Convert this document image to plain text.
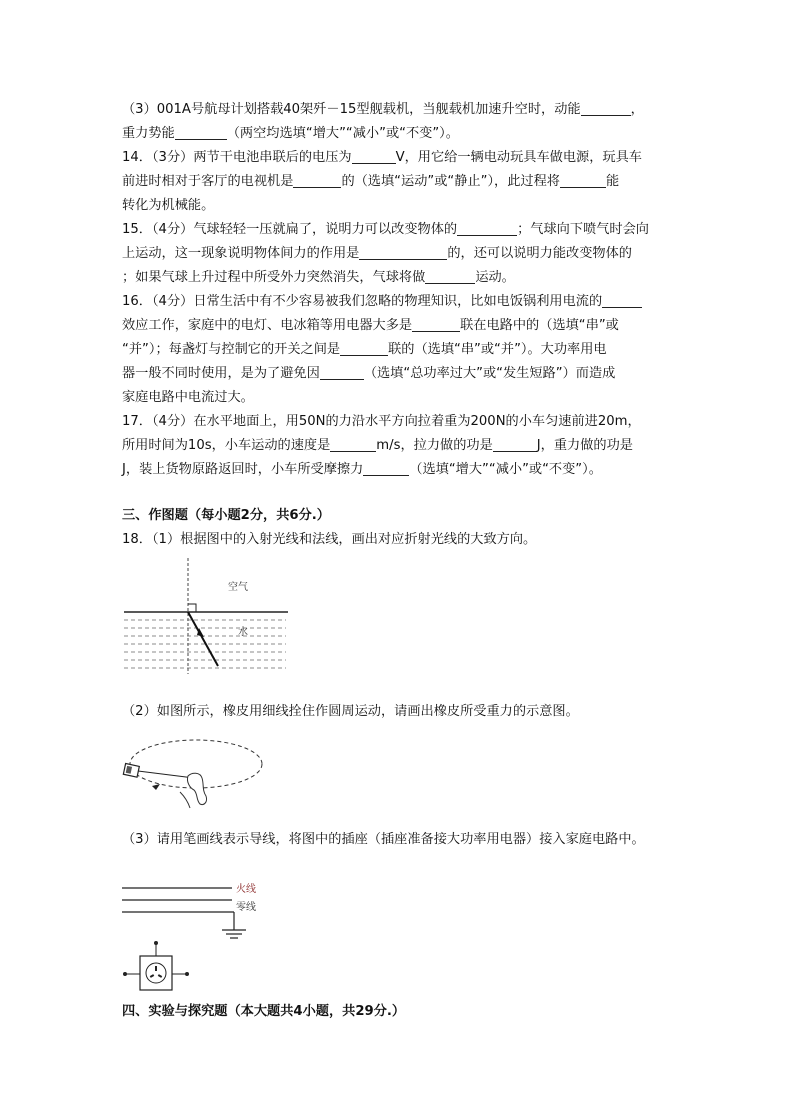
（3）001A号航母计划搭载40架歼－15型舰载机，当舰载机加速升空时，动能	，
重力势能	（两空均选填“增大”“减小”或“不变”）。
14．（3分）两节干电池串联后的电压为	V，用它给一辆电动玩具车做电源，玩具车
前进时相对于客厅的电视机是	的（选填“运动”或“静止”），此过程将	能
转化为机械能。
15．（4分）气球轻轻一压就扁了，说明力可以改变物体的	；气球向下喷气时会向
上运动，这一现象说明物体间力的作用是	的，还可以说明力能改变物体的
；如果气球上升过程中所受外力突然消失，气球将做	运动。
16．（4分）日常生活中有不少容易被我们忽略的物理知识，比如电饭锅利用电流的
效应工作，家庭中的电灯、电冰箱等用电器大多是	联在电路中的（选填“串”或
“并”）；每盏灯与控制它的开关之间是	联的（选填“串”或“并”）。大功率用电
器一般不同时使用，是为了避免因	（选填“总功率过大”或“发生短路”）而造成
家庭电路中电流过大。
17．（4分）在水平地面上，用50N的力沿水平方向拉着重为200N的小车匀速前进20m，
所用时间为10s，小车运动的速度是	m/s，拉力做的功是	J，重力做的功是
J，装上货物原路返回时，小车所受摩擦力	（选填“增大”“减小”或“不变”）。
三、作图题（每小题2分，共6分.）
18．（1）根据图中的入射光线和法线，画出对应折射光线的大致方向。
空气
水
（2）如图所示，橡皮用细线拴住作圆周运动，请画出橡皮所受重力的示意图。
（3）请用笔画线表示导线，将图中的插座（插座准备接大功率用电器）接入家庭电路中。
火线
零线
四、实验与探究题（本大题共4小题，共29分.）
